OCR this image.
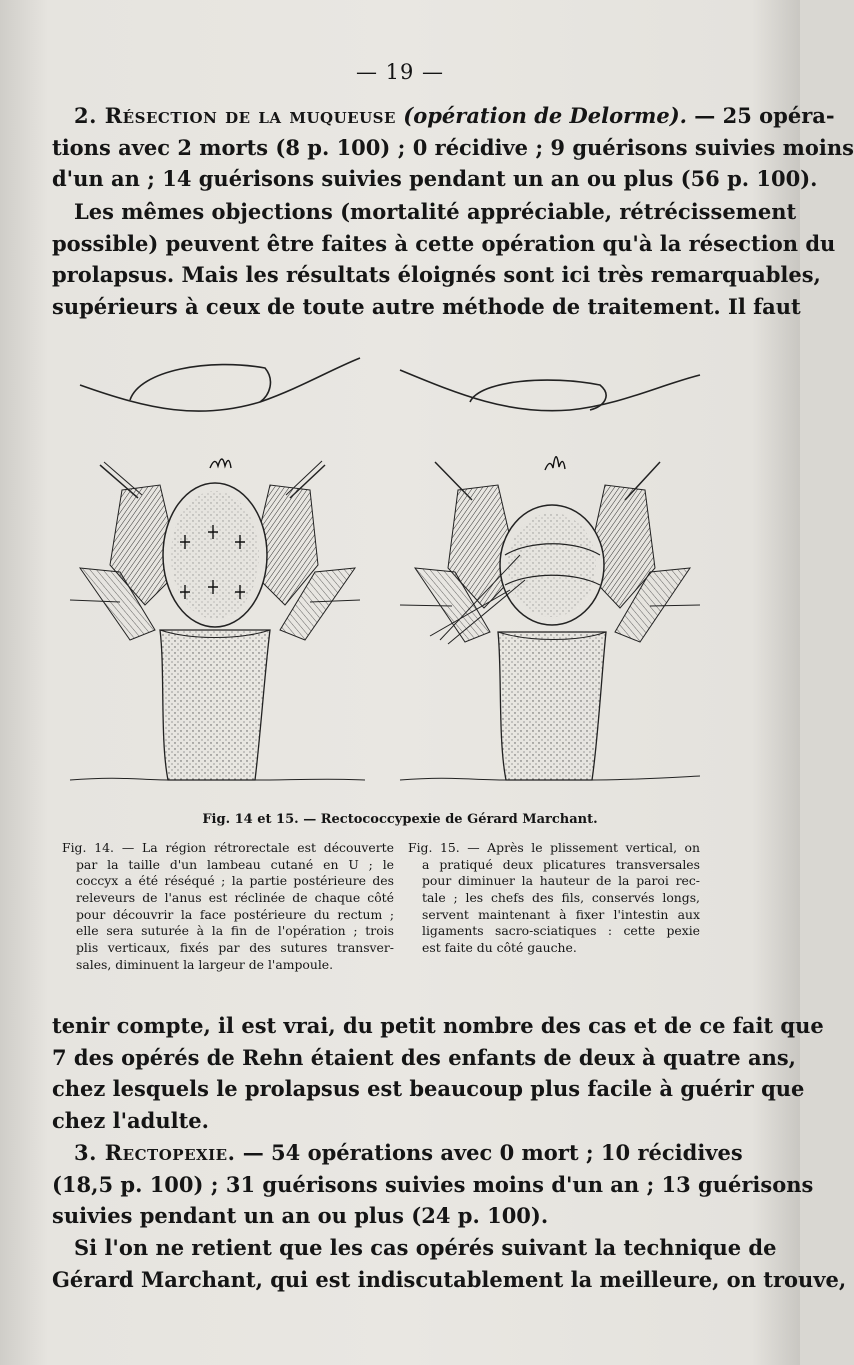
— 19 —
2. Résection de la muqueuse (opération de Delorme). — 25 opéra-
tions avec 2 morts (8 p. 100) ; 0 récidive ; 9 guérisons suivies moins
d'un an ; 14 guérisons suivies pendant un an ou plus (56 p. 100).
Les mêmes objections (mortalité appréciable, rétrécissement
possible) peuvent être faites à cette opération qu'à la résection du
prolapsus. Mais les résultats éloignés sont ici très remarquables,
supérieurs à ceux de toute autre méthode de traitement. Il faut
Fig. 14 et 15. — Rectococcypexie de Gérard Marchant.
Fig. 14. — La région rétrorectale est découverte
par la taille d'un lambeau cutané en U ; le
coccyx a été réséqué ; la partie postérieure des
releveurs de l'anus est réclinée de chaque côté
pour découvrir la face postérieure du rectum ;
elle sera suturée à la fin de l'opération ; trois
plis verticaux, fixés par des sutures transver-
sales, diminuent la largeur de l'ampoule.
Fig. 15. — Après le plissement vertical, on
a pratiqué deux plicatures transversales
pour diminuer la hauteur de la paroi rec-
tale ; les chefs des fils, conservés longs,
servent maintenant à fixer l'intestin aux
ligaments sacro-sciatiques : cette pexie
est faite du côté gauche.
tenir compte, il est vrai, du petit nombre des cas et de ce fait que
7 des opérés de Rehn étaient des enfants de deux à quatre ans,
chez lesquels le prolapsus est beaucoup plus facile à guérir que
chez l'adulte.
3. Rectopexie. — 54 opérations avec 0 mort ; 10 récidives
(18,5 p. 100) ; 31 guérisons suivies moins d'un an ; 13 guérisons
suivies pendant un an ou plus (24 p. 100).
Si l'on ne retient que les cas opérés suivant la technique de
Gérard Marchant, qui est indiscutablement la meilleure, on trouve,
